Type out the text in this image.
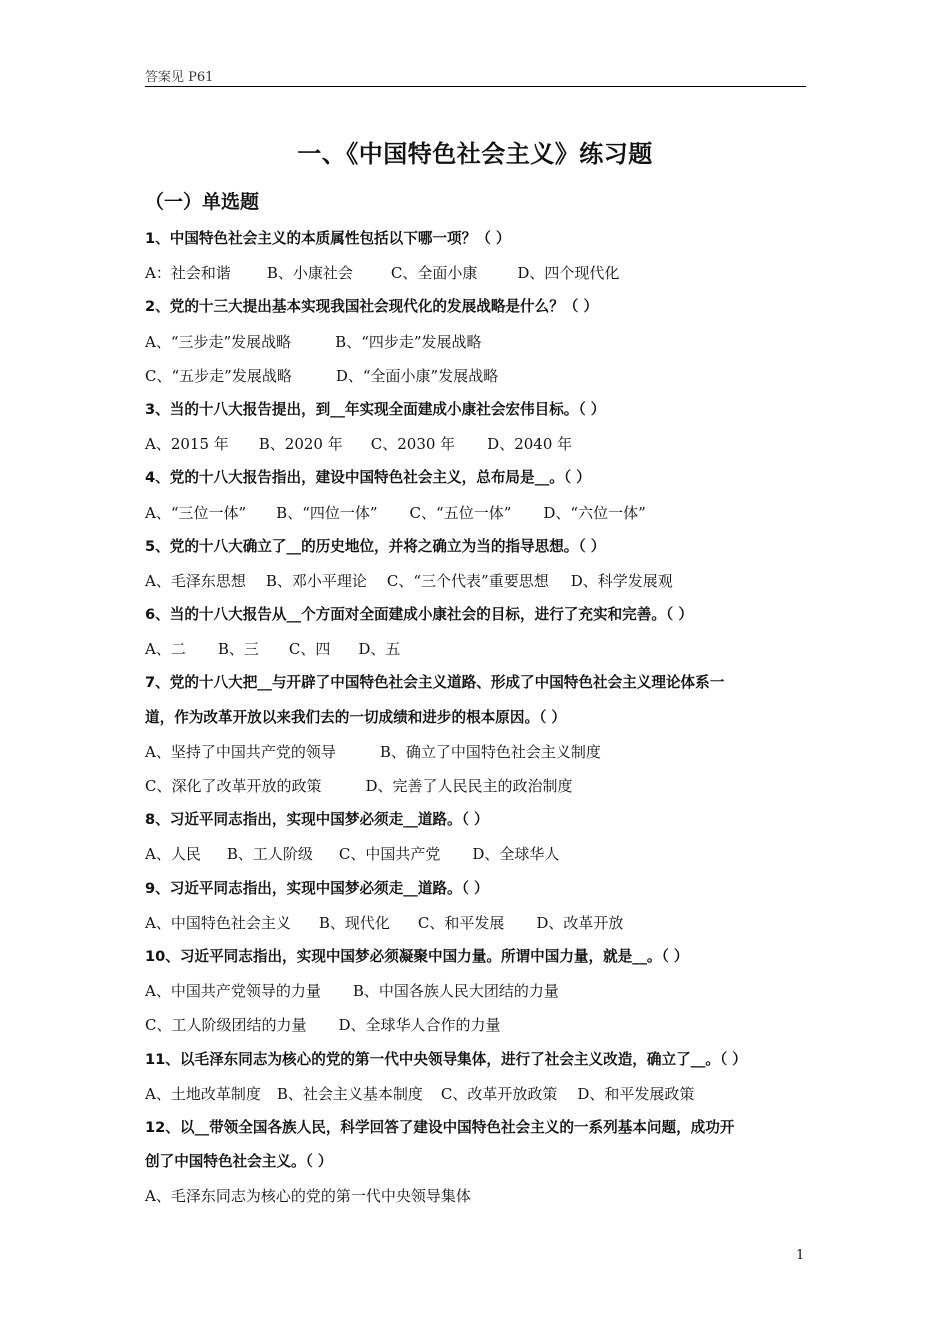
答案见 P61
一、《中国特色社会主义》练习题
（一）单选题
1、中国特色社会主义的本质属性包括以下哪一项？（ ）
A：社会和谐 B、小康社会	C、全面小康	D、四个现代化
2、党的十三大提出基本实现我国社会现代化的发展战略是什么？（ ）
A、“三步走”发展战略	B、“四步走”发展战略
C、“五步走”发展战略	D、“全面小康”发展战略
3、当的十八大报告提出，到__年实现全面建成小康社会宏伟目标。（ ）
A、2015 年 B、2020 年 C、2030 年 D、2040 年
4、党的十八大报告指出，建设中国特色社会主义，总布局是__。（ ）
A、“三位一体” B、“四位一体” C、“五位一体” D、“六位一体”
5、党的十八大确立了__的历史地位，并将之确立为当的指导思想。（ ）
A、毛泽东思想 B、邓小平理论 C、“三个代表”重要思想 D、科学发展观
6、当的十八大报告从__个方面对全面建成小康社会的目标，进行了充实和完善。（ ）
A、二 B、三 C、四 D、五
7、党的十八大把__与开辟了中国特色社会主义道路、形成了中国特色社会主义理论体系一
道，作为改革开放以来我们去的一切成绩和进步的根本原因。（ ）
A、坚持了中国共产党的领导	B、确立了中国特色社会主义制度
C、深化了改革开放的政策	D、完善了人民民主的政治制度
8、习近平同志指出，实现中国梦必须走__道路。（ ）
A、人民 B、工人阶级 C、中国共产党 D、全球华人
9、习近平同志指出，实现中国梦必须走__道路。（ ）
A、中国特色社会主义 B、现代化 C、和平发展 D、改革开放
10、习近平同志指出，实现中国梦必须凝聚中国力量。所谓中国力量，就是__。（ ）
A、中国共产党领导的力量 B、中国各族人民大团结的力量
C、工人阶级团结的力量 D、全球华人合作的力量
11、以毛泽东同志为核心的党的第一代中央领导集体，进行了社会主义改造，确立了__。（ ）
A、土地改革制度 B、社会主义基本制度 C、改革开放政策 D、和平发展政策
12、以__带领全国各族人民，科学回答了建设中国特色社会主义的一系列基本问题，成功开
创了中国特色社会主义。（ ）
A、毛泽东同志为核心的党的第一代中央领导集体
1
